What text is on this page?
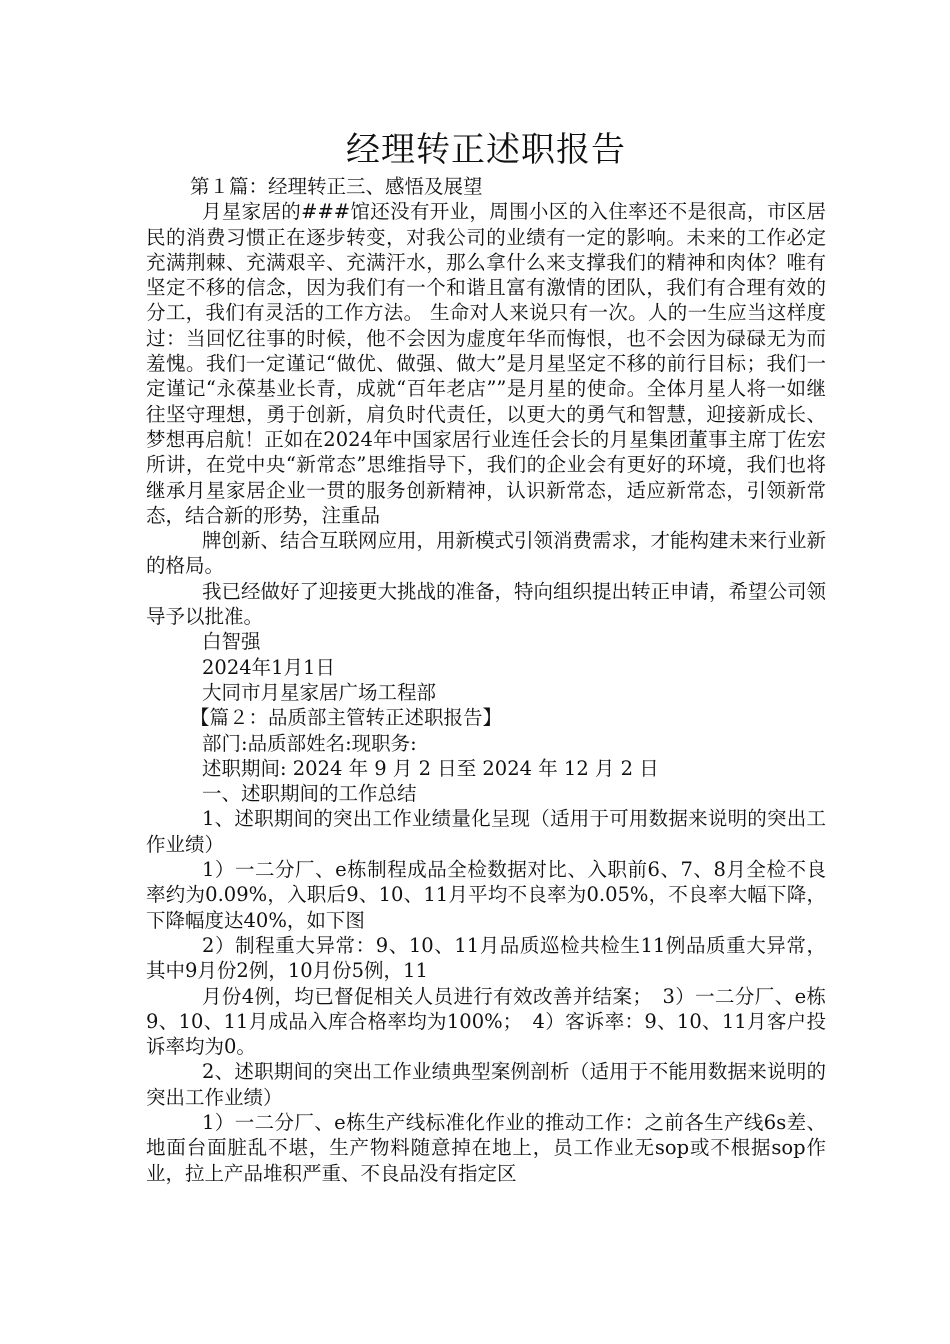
经理转正述职报告

第１篇：经理转正三、感悟及展望

月星家居的###馆还没有开业，周围小区的入住率还不是很高，市区居民的消费习惯正在逐步转变，对我公司的业绩有一定的影响。未来的工作必定充满荆棘、充满艰辛、充满汗水，那么拿什么来支撑我们的精神和肉体？唯有坚定不移的信念，因为我们有一个和谐且富有激情的团队，我们有合理有效的分工，我们有灵活的工作方法。 生命对人来说只有一次。人的一生应当这样度过：当回忆往事的时候，他不会因为虚度年华而悔恨，也不会因为碌碌无为而羞愧。我们一定谨记“做优、做强、做大”是月星坚定不移的前行目标；我们一定谨记“永葆基业长青，成就“百年老店””是月星的使命。全体月星人将一如继往坚守理想，勇于创新，肩负时代责任，以更大的勇气和智慧，迎接新成长、梦想再启航！正如在2024年中国家居行业连任会长的月星集团董事主席丁佐宏所讲，在党中央“新常态”思维指导下，我们的企业会有更好的环境，我们也将继承月星家居企业一贯的服务创新精神，认识新常态，适应新常态，引领新常态，结合新的形势，注重品

牌创新、结合互联网应用，用新模式引领消费需求，才能构建未来行业新的格局。

我已经做好了迎接更大挑战的准备，特向组织提出转正申请，希望公司领导予以批准。

白智强

2024年1月1日

大同市月星家居广场工程部

【篇２：品质部主管转正述职报告】

部门:品质部姓名:现职务:

述职期间: 2024 年 9 月 2 日至 2024 年 12 月 2 日

一、述职期间的工作总结

1、述职期间的突出工作业绩量化呈现（适用于可用数据来说明的突出工作业绩）

1）一二分厂、e栋制程成品全检数据对比、入职前6、7、8月全检不良率约为0.09%，入职后9、10、11月平均不良率为0.05%，不良率大幅下降，下降幅度达40%，如下图

2）制程重大异常：9、10、11月品质巡检共检生11例品质重大异常，其中9月份2例，10月份5例，11

月份4例，均已督促相关人员进行有效改善并结案；　3）一二分厂、e栋9、10、11月成品入库合格率均为100%；　4）客诉率：9、10、11月客户投诉率均为0。

2、述职期间的突出工作业绩典型案例剖析（适用于不能用数据来说明的突出工作业绩）

1）一二分厂、e栋生产线标准化作业的推动工作：之前各生产线6s差、地面台面脏乱不堪，生产物料随意掉在地上，员工作业无sop或不根据sop作业，拉上产品堆积严重、不良品没有指定区
